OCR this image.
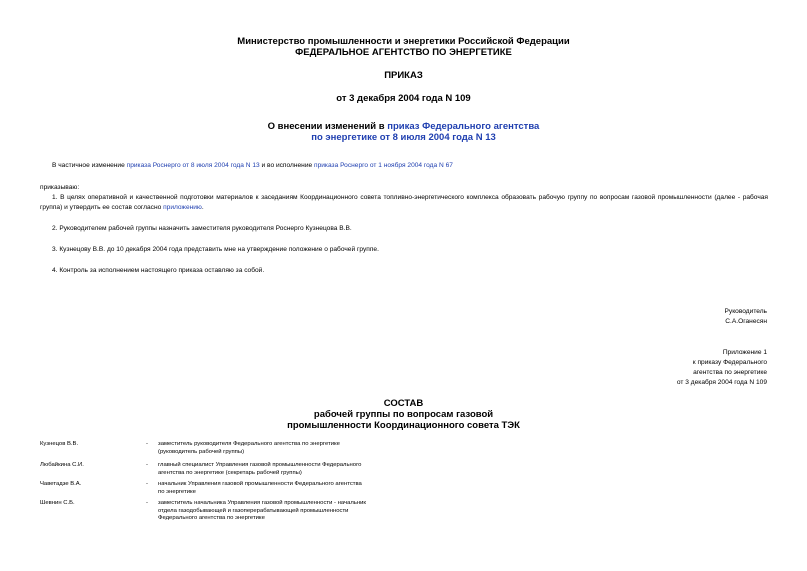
Министерство промышленности и энергетики Российской Федерации
ФЕДЕРАЛЬНОЕ АГЕНТСТВО ПО ЭНЕРГЕТИКЕ
ПРИКАЗ
от 3 декабря 2004 года N 109
О внесении изменений в приказ Федерального агентства
по энергетике от 8 июля 2004 года N 13
В частичное изменение приказа Роснерго от 8 июля 2004 года N 13 и во исполнение приказа Роснерго от 1 ноября 2004 года N 67
приказываю:
1. В целях оперативной и качественной подготовки материалов к заседаниям Координационного совета топливно-энергетического комплекса образовать рабочую группу по вопросам газовой промышленности (далее - рабочая группа) и утвердить ее состав согласно приложению.
2. Руководителем рабочей группы назначить заместителя руководителя Роснерго Кузнецова В.В.
3. Кузнецову В.В. до 10 декабря 2004 года представить мне на утверждение положение о рабочей группе.
4. Контроль за исполнением настоящего приказа оставляю за собой.
Руководитель
С.А.Оганесян
Приложение 1
к приказу Федерального
агентства по энергетике
от 3 декабря 2004 года N 109
СОСТАВ
рабочей группы по вопросам газовой
промышленности Координационного совета ТЭК
Кузнецов В.В.	- заместитель руководителя Федерального агентства по энергетике (руководитель рабочей группы)
Любайкина С.И.	- главный специалист Управления газовой промышленности Федерального агентства по энергетике (секретарь рабочей группы)
Чаветадзе В.А.	- начальник Управления газовой промышленности Федерального агентства по энергетике
Шевнин С.Б.	- заместитель начальника Управления газовой промышленности - начальник отдела газодобывающей и газоперерабатывающей промышленности Федерального агентства по энергетике
